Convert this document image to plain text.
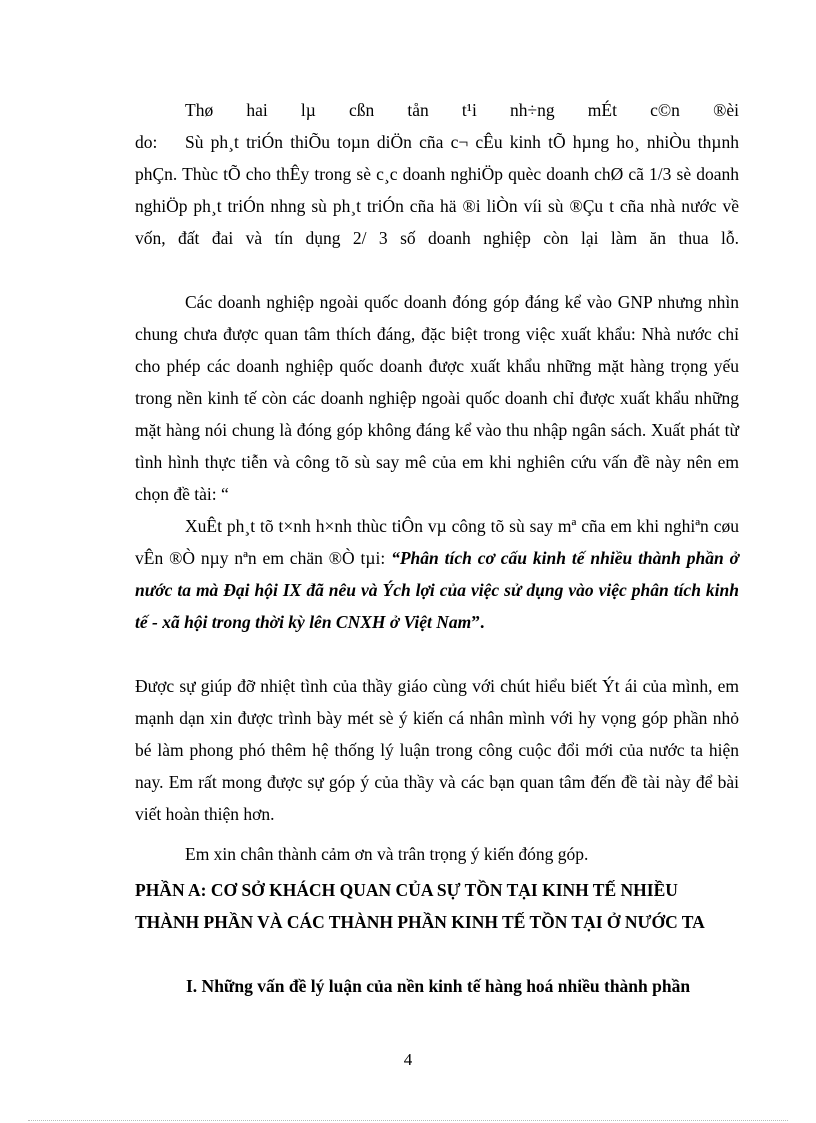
Thø hai lµ cßn tån t¹i nh÷ng mÉt c©n ®èi do:	Sù ph¸t triÓn thiÕu toµn diÖn cña c¬ cÊu kinh tÕ hµng ho¸ nhiÒu thµnh phÇn. Thùc tÕ cho thÊy trong sè c¸c doanh nghiÖp quèc doanh chØ cã 1/3 sè doanh nghiÖp ph¸t triÓn nhng sù ph¸t triÓn cña hä ®i liÒn víi sù ®Çu t cña nhà nước về vốn, đất đai và tín dụng 2/ 3 số doanh nghiệp còn lại làm ăn thua lỗ.

Các doanh nghiệp ngoài quốc doanh đóng góp đáng kể vào GNP nhưng nhìn chung chưa được quan tâm thích đáng, đặc biệt trong việc xuất khẩu: Nhà nước chỉ cho phép các doanh nghiệp quốc doanh được xuất khẩu những mặt hàng trọng yếu trong nền kinh tế còn các doanh nghiệp ngoài quốc doanh chỉ được xuất khẩu những mặt hàng nói chung là đóng góp không đáng kể vào thu nhập ngân sách. Xuất phát từ tình hình thực tiễn và công tõ sù say mê của em khi nghiên cứu vấn đề này nên em chọn đề tài: “

XuÊt ph¸t tõ t×nh h×nh thùc tiÔn vµ công tõ sù say mª cña em khi nghiªn cøu vÊn ®Ò nµy nªn em chän ®Ò tµi: “Phân tích cơ cấu kinh tế nhiều thành phần ở nước ta mà Đại hội IX đã nêu và Ých lợi của việc sử dụng vào việc phân tích kinh tế - xã hội trong thời kỳ lên CNXH ở Việt Nam”.

Được sự giúp đỡ nhiệt tình của thầy giáo cùng với chút hiểu biết Ýt ái của mình, em mạnh dạn xin được trình bày mét sè ý kiến cá nhân mình với hy vọng góp phần nhỏ bé làm phong phó thêm hệ thống lý luận trong công cuộc đổi mới của nước ta hiện nay. Em rất mong được sự góp ý của thầy và các bạn quan tâm đến đề tài này để bài viết hoàn thiện hơn.

Em xin chân thành cảm ơn và trân trọng ý kiến đóng góp.

PHẦN A: CƠ SỞ KHÁCH QUAN CỦA SỰ TỒN TẠI KINH TẾ NHIỀU THÀNH PHẦN VÀ CÁC THÀNH PHẦN KINH TẾ TỒN TẠI Ở NƯỚC TA

I. Những vấn đề lý luận của nền kinh tế hàng hoá nhiều thành phần

4
